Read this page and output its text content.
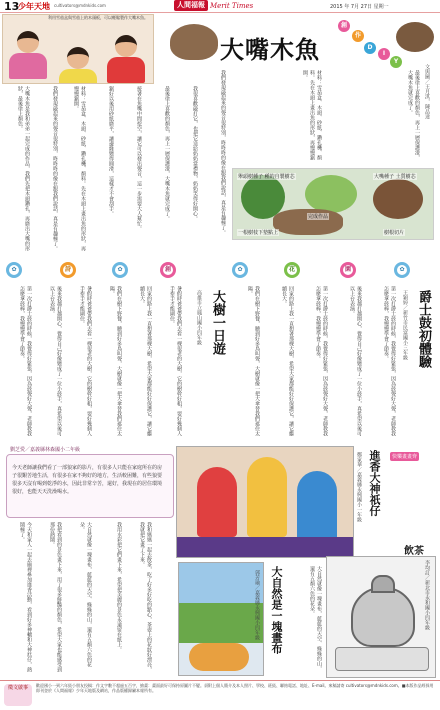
13
少年天地 cultivators@mdnkids.com	人間福報 Merit Times	2015 年 7月 27日 星期一
利用雪茄盒與雪茄上的木頭板，可以輕鬆製作大嘴木魚。
大嘴木魚
創
作
D
I
Y
文與圖／王月淇，陳品達
大嘴木魚是我和弟弟一起完成的作品，我們先把木頭鑽孔，再磨出大嘴的形狀，最後塗上顏色。	我們發現敲起來的聲音很特別，咚咚咚的像在跟我們說話，真是有趣極了。	材料：雪茄盒、木頭、砂紙、鑽孔機、顏料。先在木頭上畫出魚的形狀，再慢慢鋸開。	鋸好以後用砂紙磨平，讓邊緣變得圓滑，這樣才不會刮手。	接著在魚嘴中間挖空，讓它可以發出聲音，這一步需要大人幫忙。	最後塗上喜歡的顏色，再上一層保護漆，大嘴木魚就完成了。	我很喜歡敲打它，也把它送給奶奶當禮物，奶奶笑得好開心。	我們發現敲起來的聲音很特別，咚咚咚的像在跟我們說話，真是有趣極了。	材料：雪茄盒、木頭、砂紙、鑽孔機、顏料。先在木頭上畫出魚的形狀，再慢慢鋸開。	最後塗上喜歡的顏色，再上一層保護漆，大嘴木魚就完成了。
舉頭樹種子 種的自製樹芯	大嘴種子 土質樹芯
完成作品
一根樹枝下墊點上	樹根切片
✿	詩	✿	創	✿	花	園	✿
第一次打爵士鼓的時候，我覺得好緊張，因為鼓聲好大聲，老師教我怎麼拿鼓棒，我慢慢學會了節奏。	後來我越打越開心，覺得自己好像變成了一位小鼓手，真希望以後可以上台表演。	暑假時爸爸帶我們去看一棵很老的大樹，它的樹幹好粗，要好幾個人手牽手才能圍住。	我們在樹下野餐，聽到好多鳥叫聲，大樹就像一把大傘替我們遮住太陽。	回家的路上我一直想著那棵大樹，希望大家都能好好保護它，讓它繼續長大。	暑假時爸爸帶我們去看一棵很老的大樹，它的樹幹好粗，要好幾個人手牽手才能圍住。	大樹一日遊
高雄市立鳳山國小四年級	我們在樹下野餐，聽到好多鳥叫聲，大樹就像一把大傘替我們遮住太陽。	回家的路上我一直想著那棵大樹，希望大家都能好好保護它，讓它繼續長大。	第一次打爵士鼓的時候，我覺得好緊張，因為鼓聲好大聲，老師教我怎麼拿鼓棒，我慢慢學會了節奏。	後來我越打越開心，覺得自己好像變成了一位小鼓手，真希望以後可以上台表演。	第一次打爵士鼓的時候，我覺得好緊張，因為鼓聲好大聲，老師教我怎麼拿鼓棒，我慢慢學會了節奏。	爵士鼓初體驗
王穎婷／新竹市民富國小三年級
劉芝愛／嘉義縣林森國小二年級
今天老師讓我們看了一部狼家的影片，有很多人只能在家庭所在的房子很艱苦地生活，有很多在家不夠好的地方，生活較困難，有些狼要很多天沒有喝到乾淨的水，因此非常辛苦，還好，我現在的居住環境很好，也能天天洗澡喝水。
今天和家人一起去廟裡參加進香活動，看到好多神轎和大神尪仔，熱鬧極了。	我把看到的景色畫下來，用了很多鮮豔的顏色，希望大家也能感受到那份熱鬧。	大自然就像一塊畫布，藍藍的天空、綠綠的山，還有五顏六色的花朵。	我用水彩把它們畫下來，希望把美麗的景色永遠留在紙上。	我和媽媽一起去飲茶，吃了好多好吃的點心，茶壺上的花紋好漂亮，我就把它畫了下來。
進香大神祇仔
鄭家華／嘉義縣永興國小一年級	快樂畫畫齊
大自然是一塊畫布
郭芳瑜／嘉義縣永興國小四年級	大自然就像一塊畫布，藍藍的天空、綠綠的山，還有五顏六色的花朵。
飲茶
李均訂／新北市永和國小四年級
徵文啟事	歡迎國小一到六年級小朋友投稿：作文字數不超過五百字，繪畫：畫面最好可保持原圖片不變。須附上個人簡介及本人照片、學校、班級、聯絡電話、地址、E-mail。來稿請寄 cultivators@mdnkids.com。■本版作品經採用即刊登於《人間福報》少年天地版及網站，作品版權歸屬本報所有。
